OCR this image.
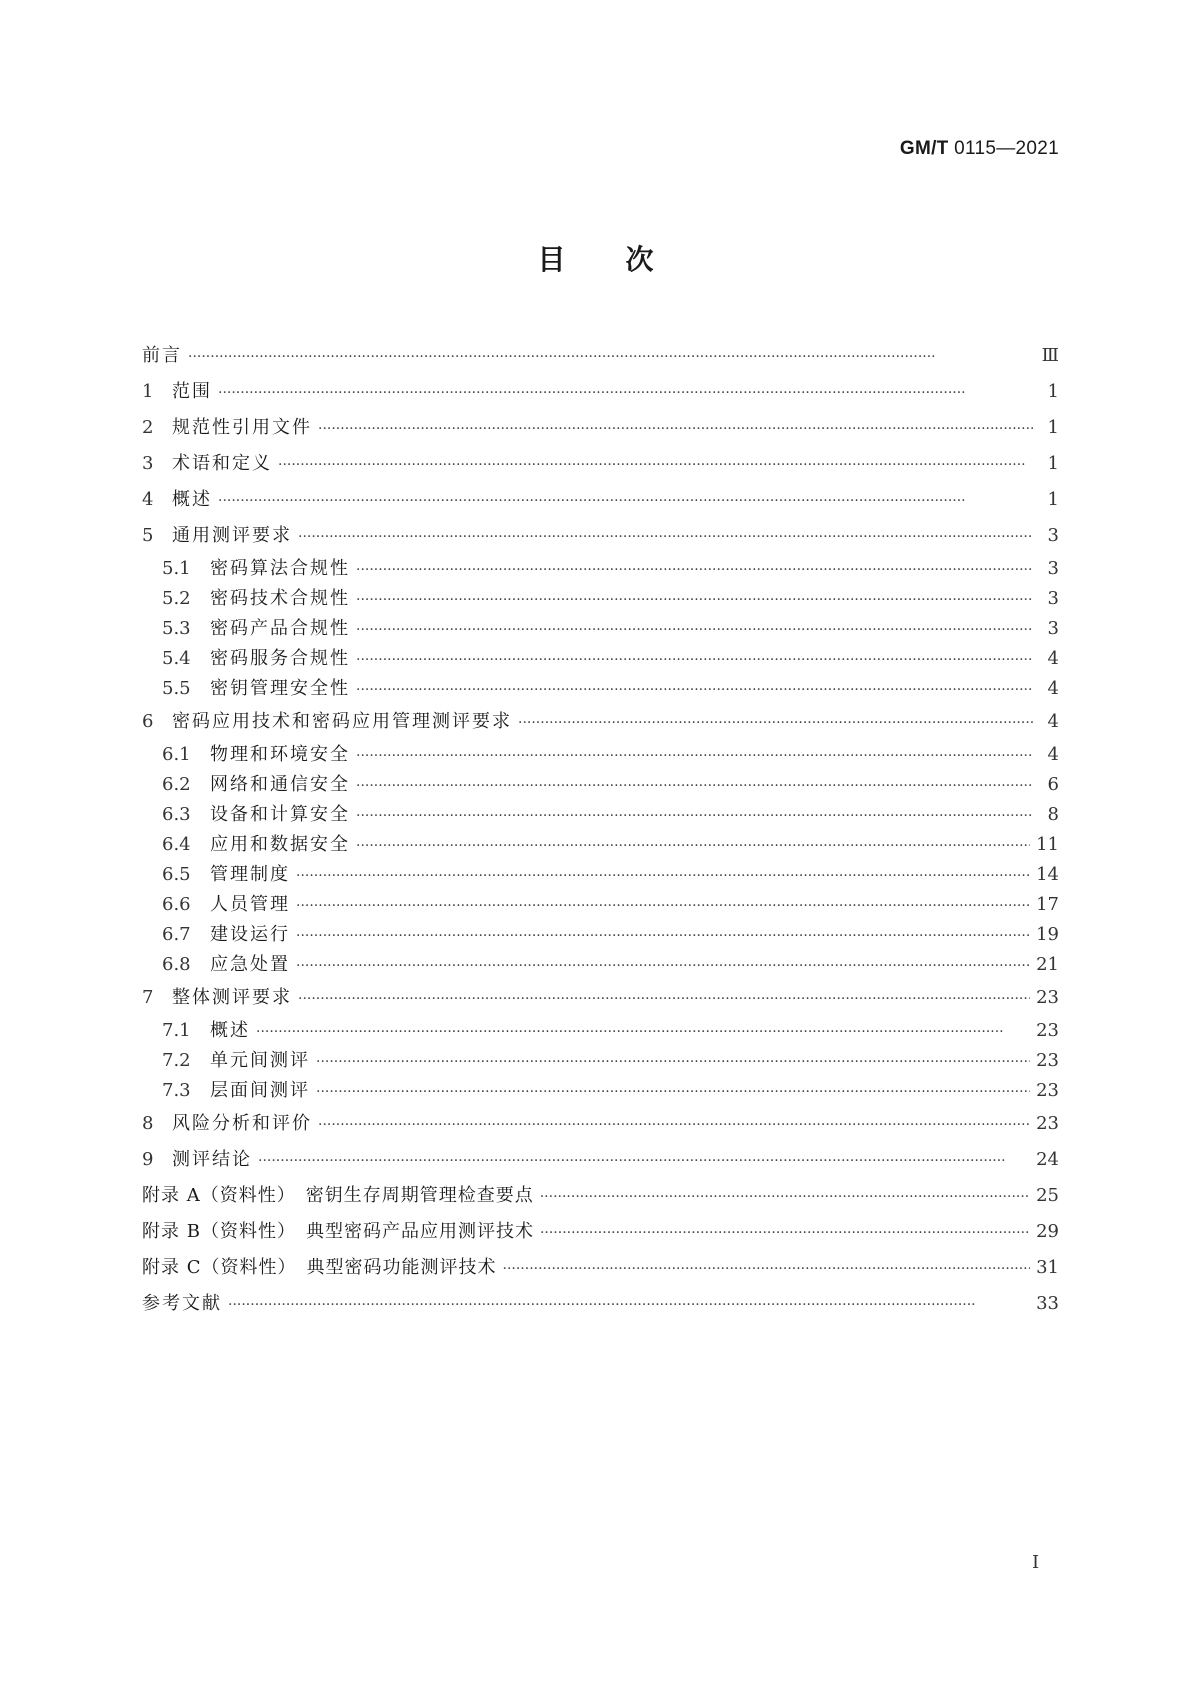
GM/T 0115—2021
目次
前言 ·····	Ⅲ
1	范围 ·····	1
2	规范性引用文件 ·····	1
3	术语和定义 ·····	1
4	概述 ·····	1
5	通用测评要求 ·····	3
5.1	密码算法合规性 ·····	3
5.2	密码技术合规性 ·····	3
5.3	密码产品合规性 ·····	3
5.4	密码服务合规性 ·····	4
5.5	密钥管理安全性 ·····	4
6	密码应用技术和密码应用管理测评要求 ·····	4
6.1	物理和环境安全 ·····	4
6.2	网络和通信安全 ·····	6
6.3	设备和计算安全 ·····	8
6.4	应用和数据安全 ·····	11
6.5	管理制度 ·····	14
6.6	人员管理 ·····	17
6.7	建设运行 ·····	19
6.8	应急处置 ·····	21
7	整体测评要求 ·····	23
7.1	概述 ·····	23
7.2	单元间测评 ·····	23
7.3	层面间测评 ·····	23
8	风险分析和评价 ·····	23
9	测评结论 ·····	24
附录 A（资料性）　密钥生存周期管理检查要点 ·····	25
附录 B（资料性）　典型密码产品应用测评技术 ·····	29
附录 C（资料性）　典型密码功能测评技术 ·····	31
参考文献 ·····	33
Ⅰ
